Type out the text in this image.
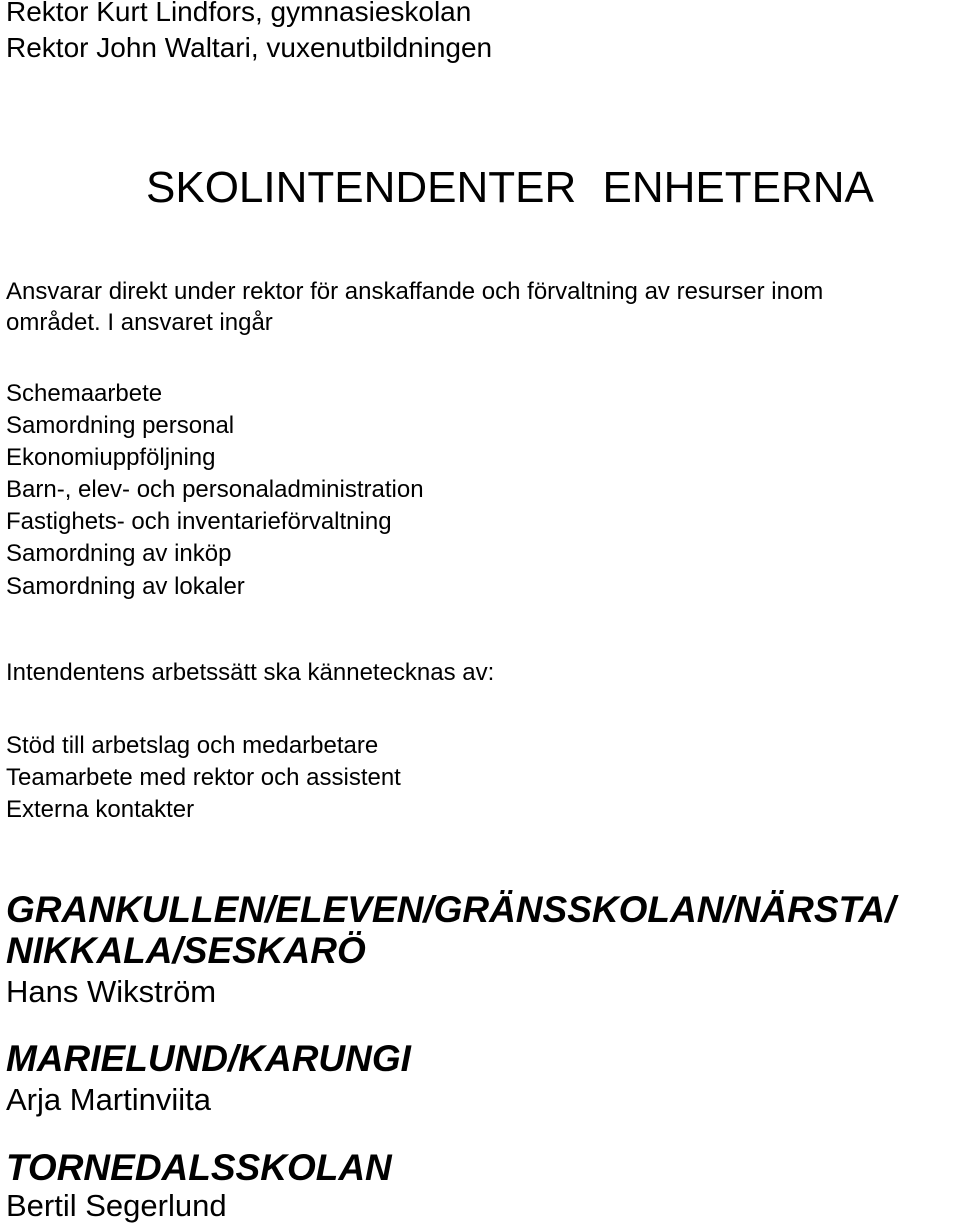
Rektor Kurt Lindfors, gymnasieskolan

Rektor John Waltari, vuxenutbildningen

SKOLINTENDENTER ENHETERNA

Ansvarar direkt under rektor för anskaffande och förvaltning av resurser inom

området. I ansvaret ingår

Schemaarbete

Samordning personal

Ekonomiuppföljning

Barn-, elev- och personaladministration

Fastighets- och inventarieförvaltning

Samordning av inköp

Samordning av lokaler

Intendentens arbetssätt ska kännetecknas av:

Stöd till arbetslag och medarbetare

Teamarbete med rektor och assistent

Externa kontakter

GRANKULLEN/ELEVEN/GRÄNSSKOLAN/NÄRSTA/
NIKKALA/SESKARÖ

Hans Wikström

MARIELUND/KARUNGI

Arja Martinviita

TORNEDALSSKOLAN

Bertil Segerlund
